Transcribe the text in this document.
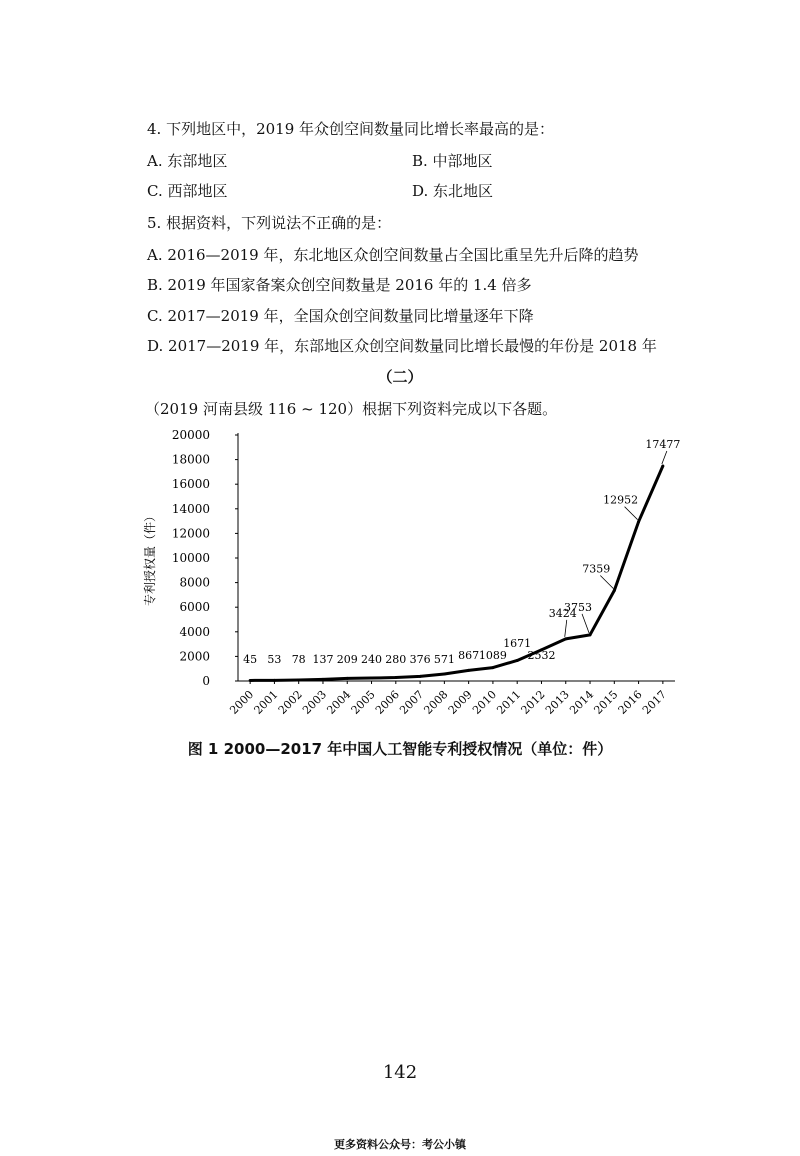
4. 下列地区中，2019 年众创空间数量同比增长率最高的是：
A. 东部地区	B. 中部地区
C. 西部地区	D. 东北地区
5. 根据资料，下列说法不正确的是：
A. 2016—2019 年，东北地区众创空间数量占全国比重呈先升后降的趋势
B. 2019 年国家备案众创空间数量是 2016 年的 1.4 倍多
C. 2017—2019 年，全国众创空间数量同比增量逐年下降
D. 2017—2019 年，东部地区众创空间数量同比增长最慢的年份是 2018 年
（二）
（2019 河南县级 116 ~ 120）根据下列资料完成以下各题。
0
2000
4000
6000
8000
10000
12000
14000
16000
18000
20000
2000
2001
2002
2003
2004
2005
2006
2007
2008
2009
2010
2011
2012
2013
2014
2015
2016
2017
专利授权量（件）
45 53 78 137 209 240 280 376 571 867 1089
1671
2532
3424
3753
7359
12952
17477
图 1 2000—2017 年中国人工智能专利授权情况（单位：件）
142
更多资料公众号：考公小镇
